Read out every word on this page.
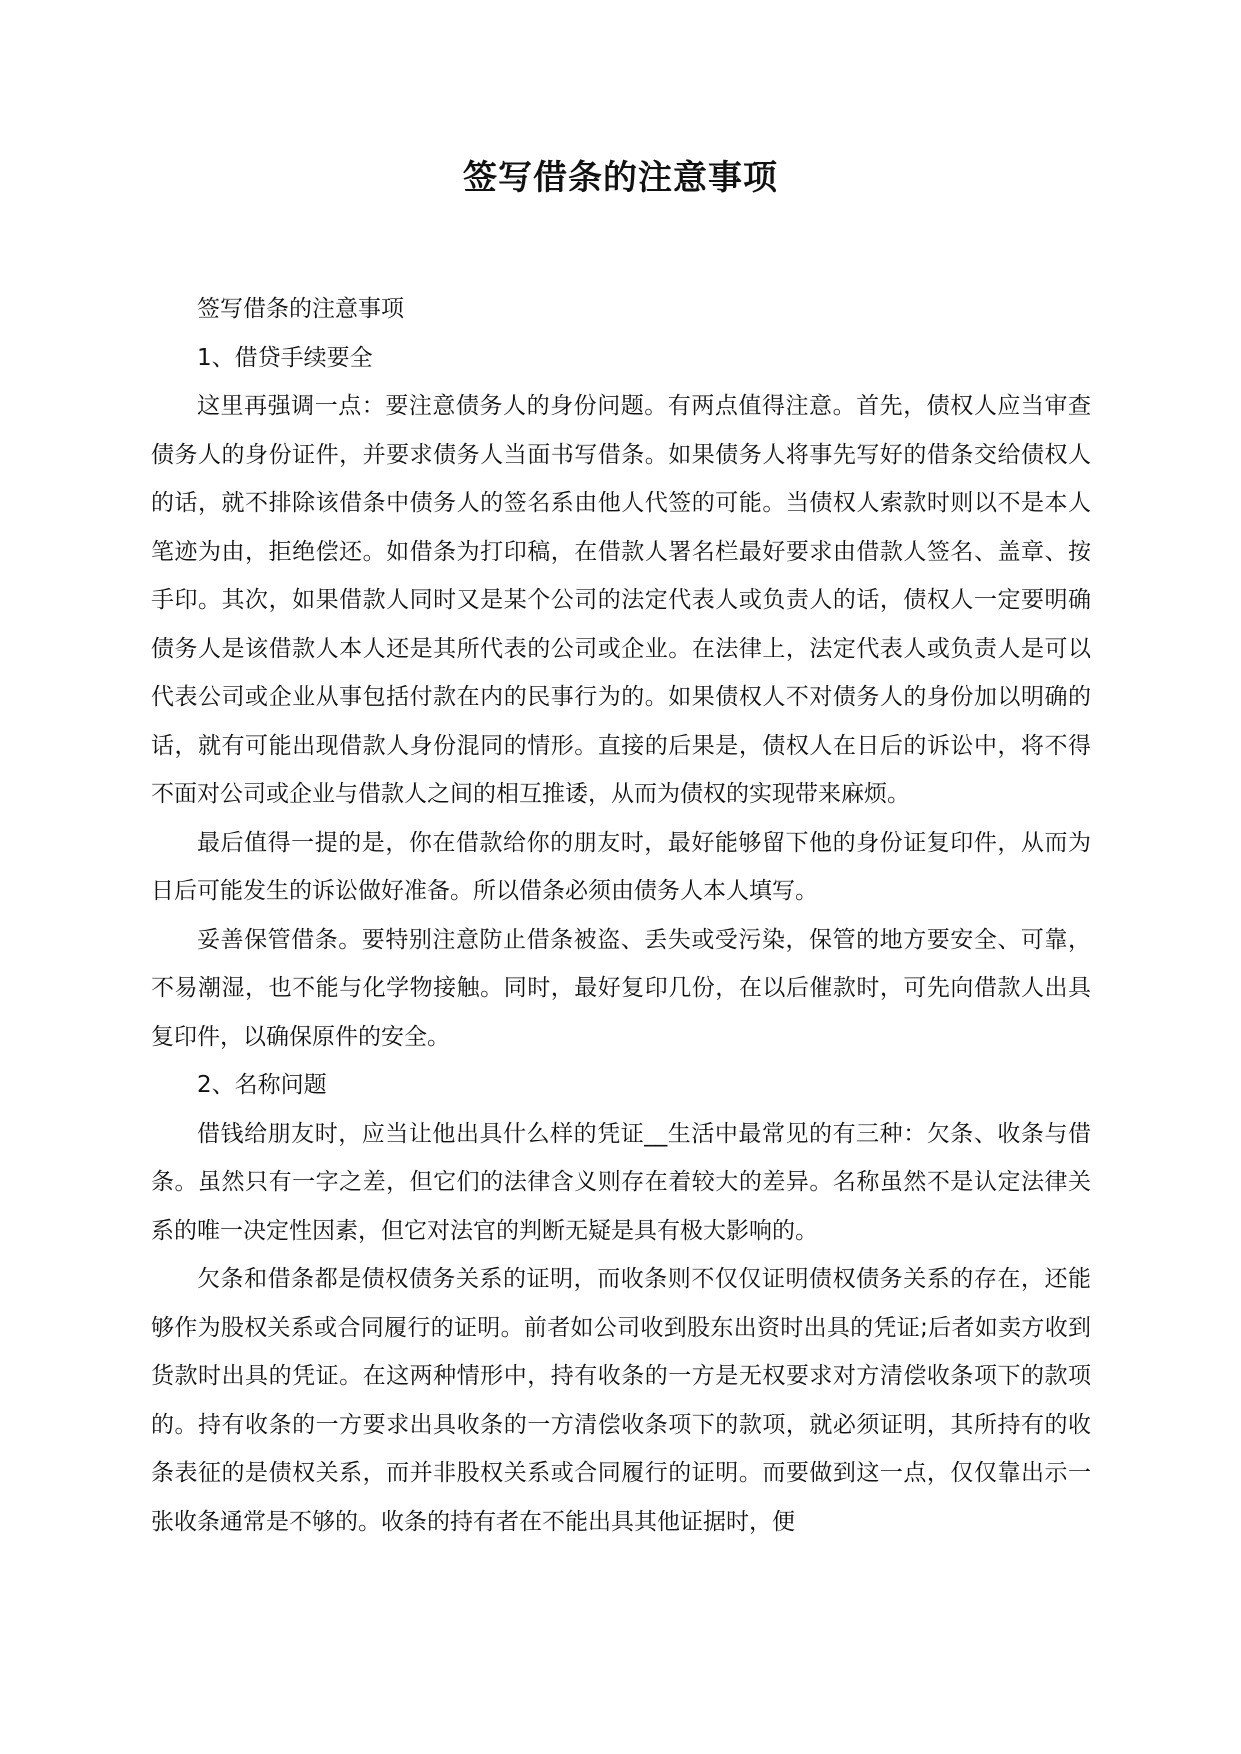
签写借条的注意事项

签写借条的注意事项

1、借贷手续要全

这里再强调一点：要注意债务人的身份问题。有两点值得注意。首先，债权人应当审查债务人的身份证件，并要求债务人当面书写借条。如果债务人将事先写好的借条交给债权人的话，就不排除该借条中债务人的签名系由他人代签的可能。当债权人索款时则以不是本人笔迹为由，拒绝偿还。如借条为打印稿，在借款人署名栏最好要求由借款人签名、盖章、按手印。其次，如果借款人同时又是某个公司的法定代表人或负责人的话，债权人一定要明确债务人是该借款人本人还是其所代表的公司或企业。在法律上，法定代表人或负责人是可以代表公司或企业从事包括付款在内的民事行为的。如果债权人不对债务人的身份加以明确的话，就有可能出现借款人身份混同的情形。直接的后果是，债权人在日后的诉讼中，将不得不面对公司或企业与借款人之间的相互推诿，从而为债权的实现带来麻烦。

最后值得一提的是，你在借款给你的朋友时，最好能够留下他的身份证复印件，从而为日后可能发生的诉讼做好准备。所以借条必须由债务人本人填写。

妥善保管借条。要特别注意防止借条被盗、丢失或受污染，保管的地方要安全、可靠，不易潮湿，也不能与化学物接触。同时，最好复印几份，在以后催款时，可先向借款人出具复印件，以确保原件的安全。

2、名称问题

借钱给朋友时，应当让他出具什么样的凭证__生活中最常见的有三种：欠条、收条与借条。虽然只有一字之差，但它们的法律含义则存在着较大的差异。名称虽然不是认定法律关系的唯一决定性因素，但它对法官的判断无疑是具有极大影响的。

欠条和借条都是债权债务关系的证明，而收条则不仅仅证明债权债务关系的存在，还能够作为股权关系或合同履行的证明。前者如公司收到股东出资时出具的凭证;后者如卖方收到货款时出具的凭证。在这两种情形中，持有收条的一方是无权要求对方清偿收条项下的款项的。持有收条的一方要求出具收条的一方清偿收条项下的款项，就必须证明，其所持有的收条表征的是债权关系，而并非股权关系或合同履行的证明。而要做到这一点，仅仅靠出示一张收条通常是不够的。收条的持有者在不能出具其他证据时，便
